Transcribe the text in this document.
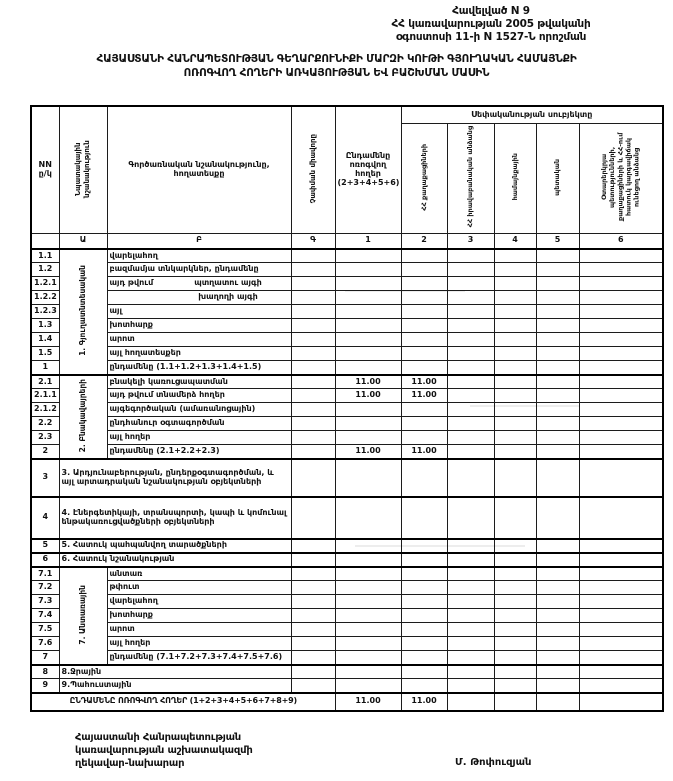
Հավելված N 9
ՀՀ կառավարության 2005 թվականի
օգոստոսի 11-ի N 1527-Ն որոշման
ՀԱՅԱՍՏԱՆԻ ՀԱՆՐԱՊԵՏՈՒԹՅԱՆ ԳԵՂԱՐՔՈՒՆԻՔԻ ՄԱՐԶԻ ԿՈՒԹԻ ԳՅՈՒՂԱԿԱՆ ՀԱՄԱՅՆՔԻ
ՈՌՈԳՎՈՂ ՀՈՂԵՐԻ ԱՌԿԱՅՈՒԹՅԱՆ ԵՎ ԲԱՇԽՄԱՆ ՄԱՍԻՆ
NN ը/կ	Նպատակային նշանակություն	Գործառնական նշանակությունը, հողատեսքը	Չափման միավորը	Ընդամենը ոռոգվող հողեր (2+3+4+5+6)	Սեփականության սուբյեկտը				
					ՀՀ քաղաքացիների	ՀՀ իրավաբանական անձանց	համայնքային	պետական	Օտարերկրյա պետությունների, քաղաքացիների և ՀՀ-ում հատուկ կարգավիճակ ունեցող անձանց
	Ա	Բ	Գ	1	2	3	4	5	6
1.1	1. Գյուղատնտեսական	վարելահող							
1.2		բազմամյա տնկարկներ, ընդամենը							
1.2.1		այդ թվում պտղատու այգի							

1.2.2		խաղողի այգի							

1.2.3		այլ							
1.3		խոտհարք							
1.4		արոտ							
1.5		այլ հողատեսքեր							
1		ընդամենը (1.1+1.2+1.3+1.4+1.5)							
2.1	2. Բնակավայրերի	բնակելի կառուցապատման		11.00	11.00				
2.1.1		այդ թվում տնամերձ հողեր		11.00	11.00				
2.1.2		այգեգործական (ամառանոցային)							
2.2		ընդհանուր օգտագործման							
2.3		այլ հողեր							
2		ընդամենը (2.1+2.2+2.3)		11.00	11.00				
3	3. Արդյունաբերության, ընդերքօգտագործման, և այլ արտադրական նշանակության օբյեկտների								
4	4. Էներգետիկայի, տրանսպորտի, կապի և կոմունալ ենթակառուցվածքների օբյեկտների								
5	5. Հատուկ պահպանվող տարածքների								
6	6. Հատուկ նշանակության								
7.1	7. Անտառային	անտառ							
7.2		թփուտ							
7.3		վարելահող							
7.4		խոտհարք							
7.5		արոտ							
7.6		այլ հողեր							
7		ընդամենը (7.1+7.2+7.3+7.4+7.5+7.6)							
8	8.Ջրային								
9	9.Պահուստային								
ԸՆԴԱՄԵՆԸ ՈՌՈԳՎՈՂ ՀՈՂԵՐ (1+2+3+4+5+6+7+8+9)				11.00	11.00				
Հայաստանի Հանրապետության
կառավարության աշխատակազմի
ղեկավար-նախարար	Մ. Թոփուզյան
